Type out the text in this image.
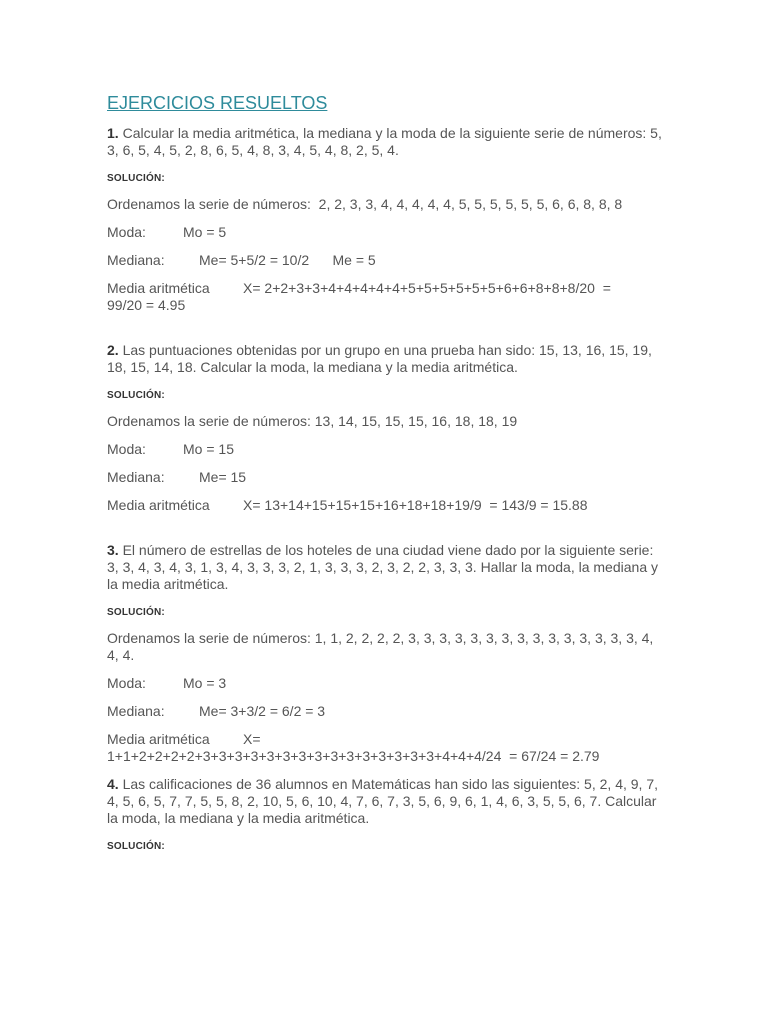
EJERCICIOS RESUELTOS

1. Calcular la media aritmética, la mediana y la moda de la siguiente serie de números: 5, 3, 6, 5, 4, 5, 2, 8, 6, 5, 4, 8, 3, 4, 5, 4, 8, 2, 5, 4.

SOLUCIÓN:
Ordenamos la serie de números:  2, 2, 3, 3, 4, 4, 4, 4, 4, 5, 5, 5, 5, 5, 5, 6, 6, 8, 8, 8
Moda:	Mo = 5
Mediana: Me= 5+5/2 = 10/2      Me = 5
Media aritmética X= 2+2+3+3+4+4+4+4+4+5+5+5+5+5+5+6+6+8+8+8/20  =
99/20 = 4.95

2. Las puntuaciones obtenidas por un grupo en una prueba han sido: 15, 13, 16, 15, 19, 18, 15, 14, 18. Calcular la moda, la mediana y la media aritmética.

SOLUCIÓN:
Ordenamos la serie de números: 13, 14, 15, 15, 15, 16, 18, 18, 19
Moda:	Mo = 15
Mediana: Me= 15
Media aritmética X= 13+14+15+15+15+16+18+18+19/9  = 143/9 = 15.88

3. El número de estrellas de los hoteles de una ciudad viene dado por la siguiente serie: 3, 3, 4, 3, 4, 3, 1, 3, 4, 3, 3, 3, 2, 1, 3, 3, 3, 2, 3, 2, 2, 3, 3, 3. Hallar la moda, la mediana y la media aritmética.

SOLUCIÓN:
Ordenamos la serie de números: 1, 1, 2, 2, 2, 2, 3, 3, 3, 3, 3, 3, 3, 3, 3, 3, 3, 3, 3, 3, 3, 4, 4, 4.
Moda:	Mo = 3
Mediana: Me= 3+3/2 = 6/2 = 3
Media aritmética X=
1+1+2+2+2+2+3+3+3+3+3+3+3+3+3+3+3+3+3+3+3+4+4+4/24  = 67/24 = 2.79

4. Las calificaciones de 36 alumnos en Matemáticas han sido las siguientes: 5, 2, 4, 9, 7, 4, 5, 6, 5, 7, 7, 5, 5, 8, 2, 10, 5, 6, 10, 4, 7, 6, 7, 3, 5, 6, 9, 6, 1, 4, 6, 3, 5, 5, 6, 7. Calcular la moda, la mediana y la media aritmética.

SOLUCIÓN:
